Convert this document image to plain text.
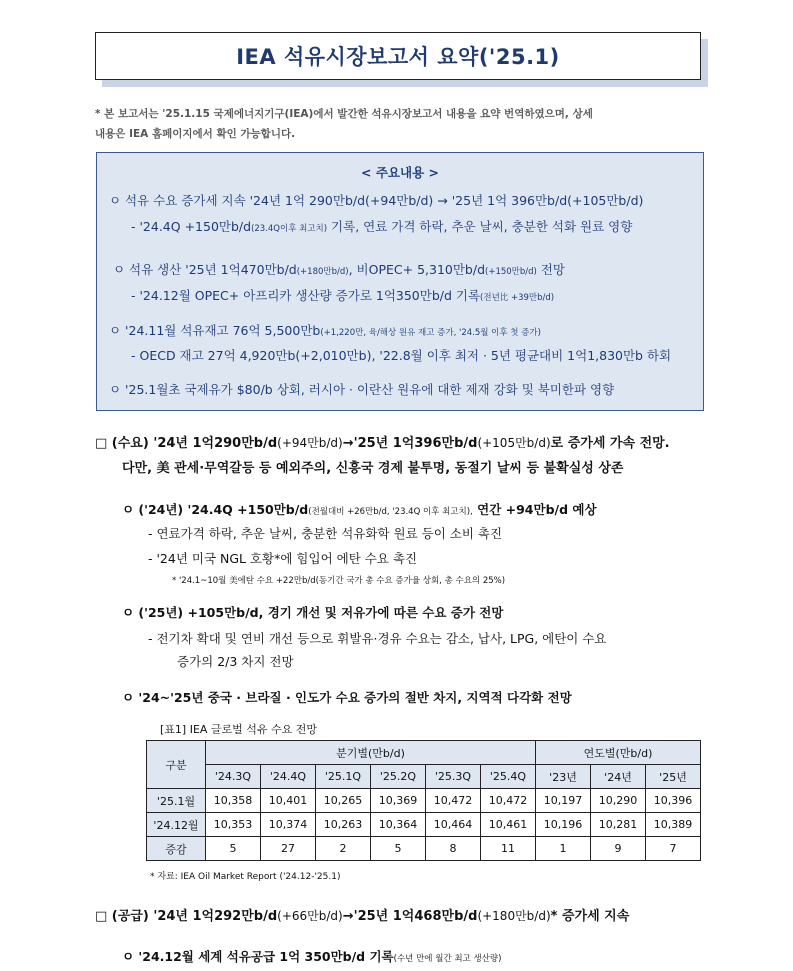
IEA 석유시장보고서 요약('25.1)
* 본 보고서는 '25.1.15 국제에너지기구(IEA)에서 발간한 석유시장보고서 내용을 요약 번역하였으며, 상세
내용은 IEA 홈페이지에서 확인 가능합니다.
< 주요내용 >
ㅇ 석유 수요 증가세 지속 '24년 1억 290만b/d(+94만b/d) → '25년 1억 396만b/d(+105만b/d)
- '24.4Q +150만b/d(23.4Q이후 최고치) 기록, 연료 가격 하락, 추운 날씨, 충분한 석화 원료 영향
ㅇ 석유 생산 '25년 1억470만b/d(+180만b/d), 비OPEC+ 5,310만b/d(+150만b/d) 전망
- '24.12월 OPEC+ 아프리카 생산량 증가로 1억350만b/d 기록(전년比 +39만b/d)
ㅇ '24.11월 석유재고 76억 5,500만b(+1,220만, 육/해상 원유 재고 증가, '24.5월 이후 첫 증가)
- OECD 재고 27억 4,920만b(+2,010만b), '22.8월 이후 최저 · 5년 평균대비 1억1,830만b 하회
ㅇ '25.1월초 국제유가 $80/b 상회, 러시아 · 이란산 원유에 대한 제재 강화 및 북미한파 영향
□ (수요) '24년 1억290만b/d(+94만b/d)→'25년 1억396만b/d(+105만b/d)로 증가세 가속 전망.
다만, 美 관세·무역갈등 등 예외주의, 신흥국 경제 불투명, 동절기 날씨 등 불확실성 상존
ㅇ ('24년) '24.4Q +150만b/d(전월대비 +26만b/d, '23.4Q 이후 최고치), 연간 +94만b/d 예상
- 연료가격 하락, 추운 날씨, 충분한 석유화학 원료 등이 소비 촉진
- '24년 미국 NGL 호황*에 힘입어 에탄 수요 촉진
* '24.1~10월 美에탄 수요 +22만b/d(동기간 국가 총 수요 증가율 상회, 총 수요의 25%)
ㅇ ('25년) +105만b/d, 경기 개선 및 저유가에 따른 수요 증가 전망
- 전기차 확대 및 연비 개선 등으로 휘발유·경유 수요는 감소, 납사, LPG, 에탄이 수요
증가의 2/3 차지 전망
ㅇ '24~'25년 중국 · 브라질 · 인도가 수요 증가의 절반 차지, 지역적 다각화 전망
[표1] IEA 글로벌 석유 수요 전망
구분	분기별(만b/d)						연도별(만b/d)		
	'24.3Q	'24.4Q	'25.1Q	'25.2Q	'25.3Q	'25.4Q	'23년	'24년	'25년
'25.1월	10,358	10,401	10,265	10,369	10,472	10,472	10,197	10,290	10,396
'24.12월	10,353	10,374	10,263	10,364	10,464	10,461	10,196	10,281	10,389
증감	5	27	2	5	8	11	1	9	7
* 자료: IEA Oil Market Report ('24.12-'25.1)
□ (공급) '24년 1억292만b/d(+66만b/d)→'25년 1억468만b/d(+180만b/d)* 증가세 지속
ㅇ '24.12월 세계 석유공급 1억 350만b/d 기록(수년 만에 월간 최고 생산량)
